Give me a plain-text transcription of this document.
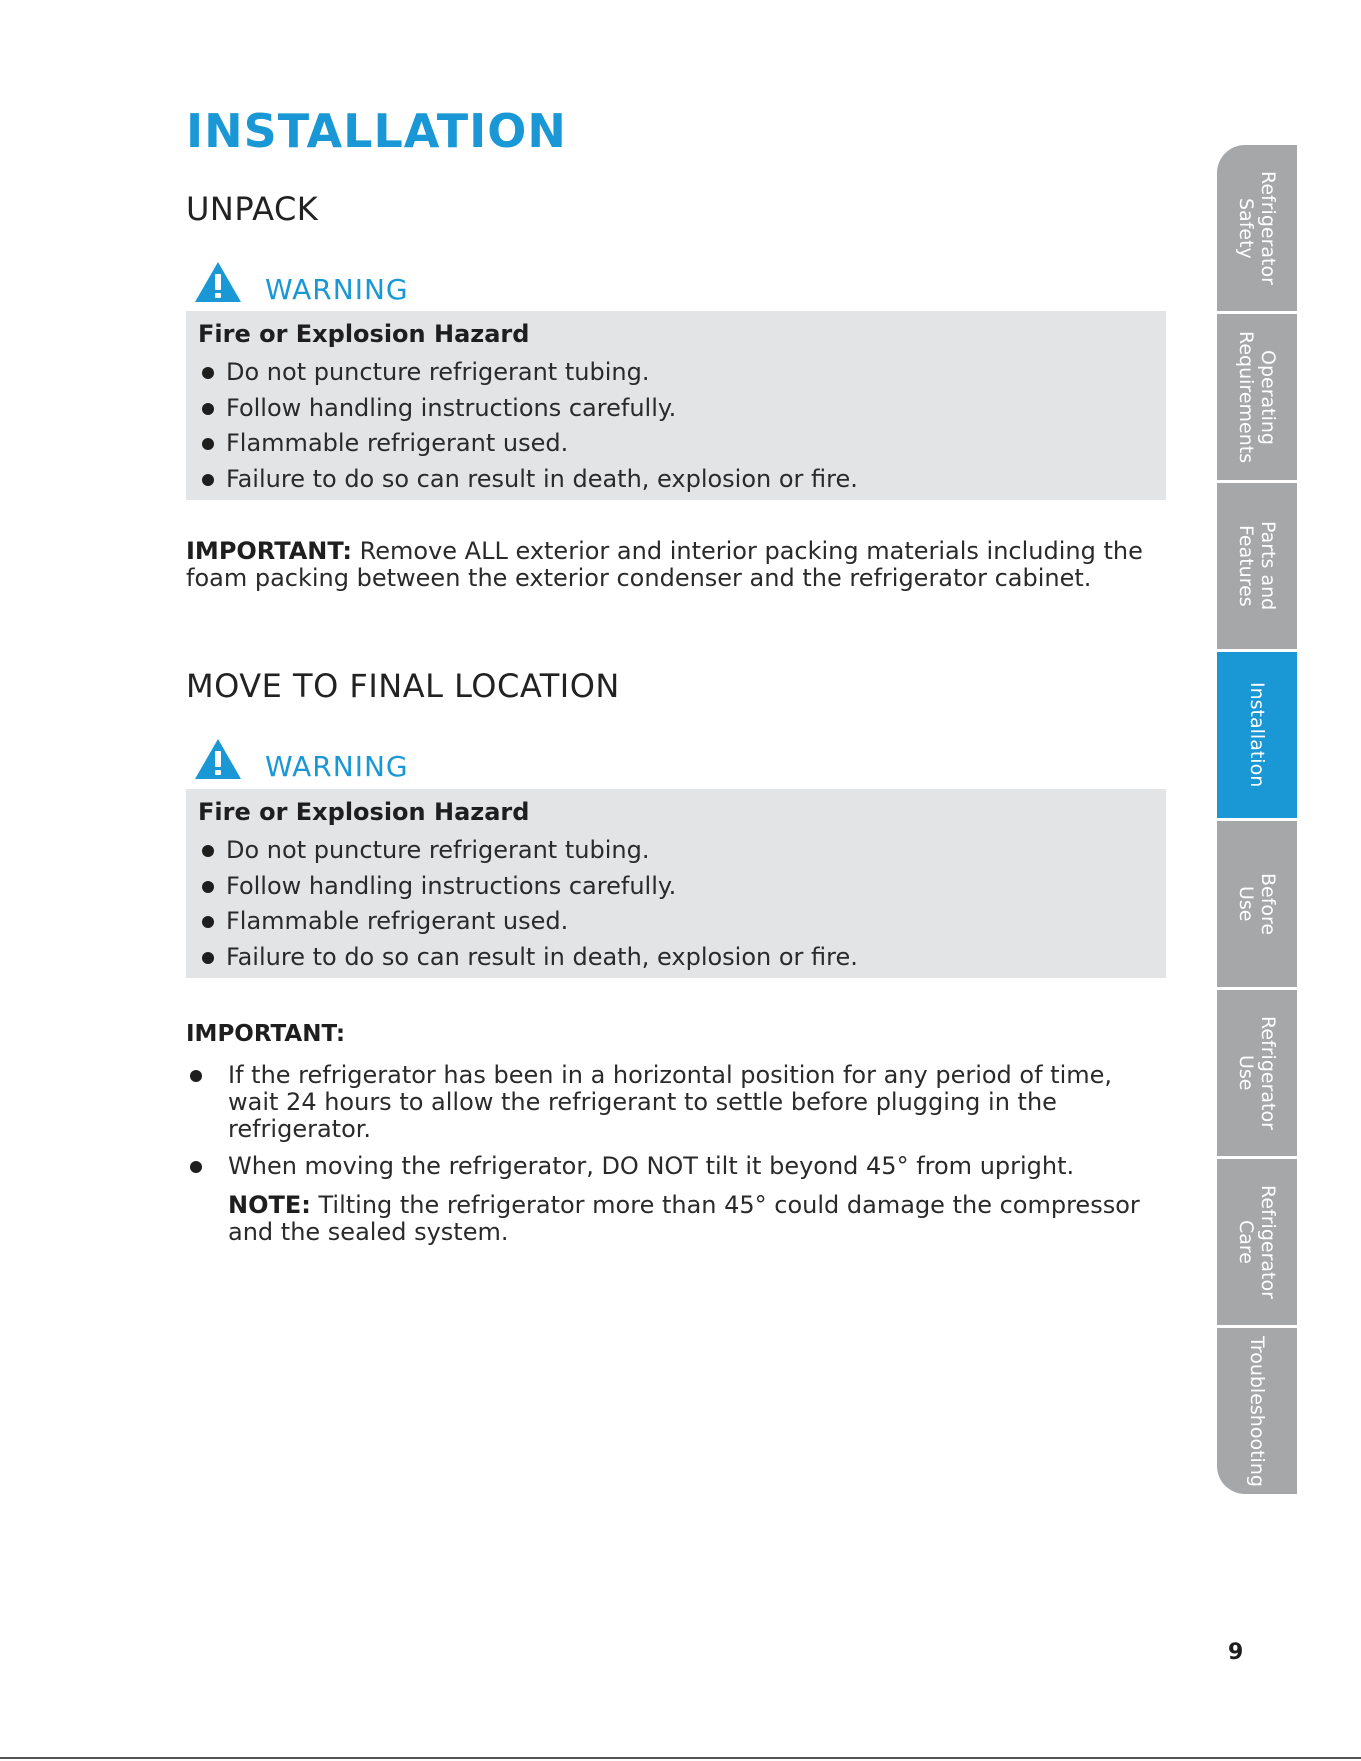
INSTALLATION
UNPACK
WARNING

Fire or Explosion Hazard

Do not puncture refrigerant tubing.
Follow handling instructions carefully.
Flammable refrigerant used.
Failure to do so can result in death, explosion or fire.

IMPORTANT: Remove ALL exterior and interior packing materials including the foam packing between the exterior condenser and the refrigerator cabinet.

MOVE TO FINAL LOCATION
WARNING

Fire or Explosion Hazard

Do not puncture refrigerant tubing.
Follow handling instructions carefully.
Flammable refrigerant used.
Failure to do so can result in death, explosion or fire.

IMPORTANT:

If the refrigerator has been in a horizontal position for any period of time, wait 24 hours to allow the refrigerant to settle before plugging in the refrigerator.
When moving the refrigerator, DO NOT tilt it beyond 45° from upright.
NOTE: Tilting the refrigerator more than 45° could damage the compressor and the sealed system.
Refrigerator
Safety
Operating
Requirements
Parts and
Features
Installation
Before
Use
Refrigerator
Use
Refrigerator
Care
Troubleshooting
9
